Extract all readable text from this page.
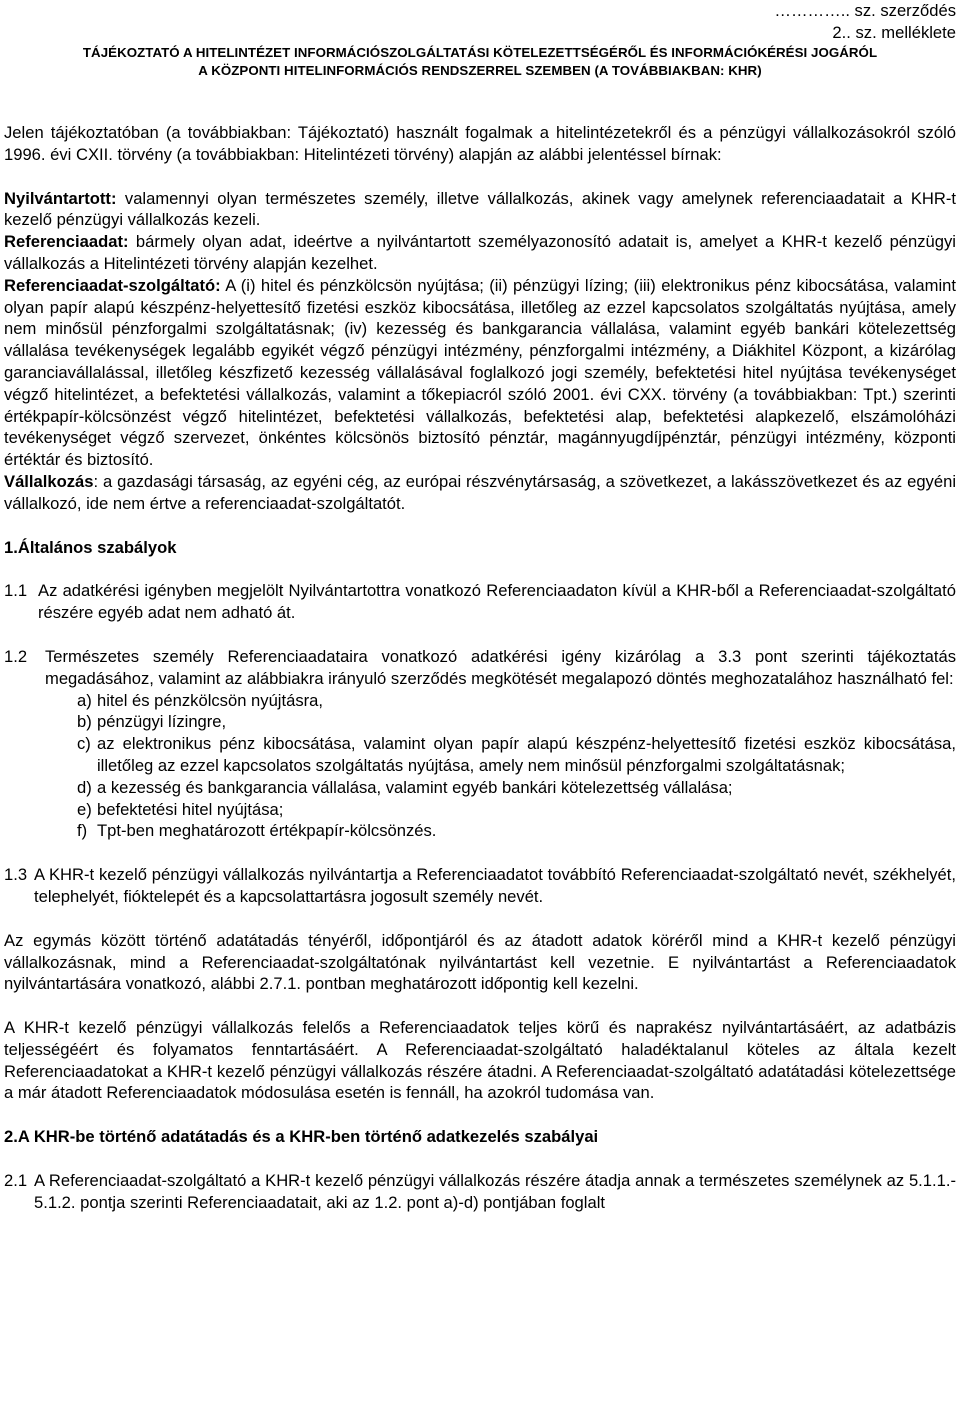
………….. sz. szerződés

2.. sz. melléklete

TÁJÉKOZTATÓ A HITELINTÉZET INFORMÁCIÓSZOLGÁLTATÁSI KÖTELEZETTSÉGÉRŐL ÉS INFORMÁCIÓKÉRÉSI JOGÁRÓL

A KÖZPONTI HITELINFORMÁCIÓS RENDSZERREL SZEMBEN (A TOVÁBBIAKBAN: KHR)

Jelen tájékoztatóban (a továbbiakban: Tájékoztató) használt fogalmak a hitelintézetekről és a pénzügyi vállalkozásokról szóló 1996. évi CXII. törvény (a továbbiakban: Hitelintézeti törvény) alapján az alábbi jelentéssel bírnak:

Nyilvántartott: valamennyi olyan természetes személy, illetve vállalkozás, akinek vagy amelynek referenciaadatait a KHR-t kezelő pénzügyi vállalkozás kezeli.

Referenciaadat: bármely olyan adat, ideértve a nyilvántartott személyazonosító adatait is, amelyet a KHR-t kezelő pénzügyi vállalkozás a Hitelintézeti törvény alapján kezelhet.

Referenciaadat-szolgáltató: A (i) hitel és pénzkölcsön nyújtása; (ii) pénzügyi lízing; (iii) elektronikus pénz kibocsátása, valamint olyan papír alapú készpénz-helyettesítő fizetési eszköz kibocsátása, illetőleg az ezzel kapcsolatos szolgáltatás nyújtása, amely nem minősül pénzforgalmi szolgáltatásnak; (iv) kezesség és bankgarancia vállalása, valamint egyéb bankári kötelezettség vállalása tevékenységek legalább egyikét végző pénzügyi intézmény, pénzforgalmi intézmény, a Diákhitel Központ, a kizárólag garanciavállalással, illetőleg készfizető kezesség vállalásával foglalkozó jogi személy, befektetési hitel nyújtása tevékenységet végző hitelintézet, a befektetési vállalkozás, valamint a tőkepiacról szóló 2001. évi CXX. törvény (a továbbiakban: Tpt.) szerinti értékpapír-kölcsönzést végző hitelintézet, befektetési vállalkozás, befektetési alap, befektetési alapkezelő, elszámolóházi tevékenységet végző szervezet, önkéntes kölcsönös biztosító pénztár, magánnyugdíjpénztár, pénzügyi intézmény, központi értéktár és biztosító.

Vállalkozás: a gazdasági társaság, az egyéni cég, az európai részvénytársaság, a szövetkezet, a lakásszövetkezet és az egyéni vállalkozó, ide nem értve a referenciaadat-szolgáltatót.

1.Általános szabályok

1.1 Az adatkérési igényben megjelölt Nyilvántartottra vonatkozó Referenciaadaton kívül a KHR-ből a Referenciaadat-szolgáltató részére egyéb adat nem adható át.
1.2	Természetes személy Referenciaadataira vonatkozó adatkérési igény kizárólag a 3.3 pont szerinti tájékoztatás megadásához, valamint az alábbiakra irányuló szerződés megkötését megalapozó döntés meghozatalához használható fel:
a) hitel és pénzkölcsön nyújtásra,
b) pénzügyi lízingre,
c) az elektronikus pénz kibocsátása, valamint olyan papír alapú készpénz-helyettesítő fizetési eszköz kibocsátása, illetőleg az ezzel kapcsolatos szolgáltatás nyújtása, amely nem minősül pénzforgalmi szolgáltatásnak;
d) a kezesség és bankgarancia vállalása, valamint egyéb bankári kötelezettség vállalása;
e) befektetési hitel nyújtása;
f) Tpt-ben meghatározott értékpapír-kölcsönzés.
1.3 A KHR-t kezelő pénzügyi vállalkozás nyilvántartja a Referenciaadatot továbbító Referenciaadat-szolgáltató nevét, székhelyét, telephelyét, fióktelepét és a kapcsolattartásra jogosult személy nevét.

Az egymás között történő adatátadás tényéről, időpontjáról és az átadott adatok köréről mind a KHR-t kezelő pénzügyi vállalkozásnak, mind a Referenciaadat-szolgáltatónak nyilvántartást kell vezetnie. E nyilvántartást a Referenciaadatok nyilvántartására vonatkozó, alábbi 2.7.1. pontban meghatározott időpontig kell kezelni.

A KHR-t kezelő pénzügyi vállalkozás felelős a Referenciaadatok teljes körű és naprakész nyilvántartásáért, az adatbázis teljességéért és folyamatos fenntartásáért. A Referenciaadat-szolgáltató haladéktalanul köteles az általa kezelt Referenciaadatokat a KHR-t kezelő pénzügyi vállalkozás részére átadni. A Referenciaadat-szolgáltató adatátadási kötelezettsége a már átadott Referenciaadatok módosulása esetén is fennáll, ha azokról tudomása van.

2.A KHR-be történő adatátadás és a KHR-ben történő adatkezelés szabályai

2.1 A Referenciaadat-szolgáltató a KHR-t kezelő pénzügyi vállalkozás részére átadja annak a természetes személynek az 5.1.1.- 5.1.2. pontja szerinti Referenciaadatait, aki az 1.2. pont a)-d) pontjában foglalt
